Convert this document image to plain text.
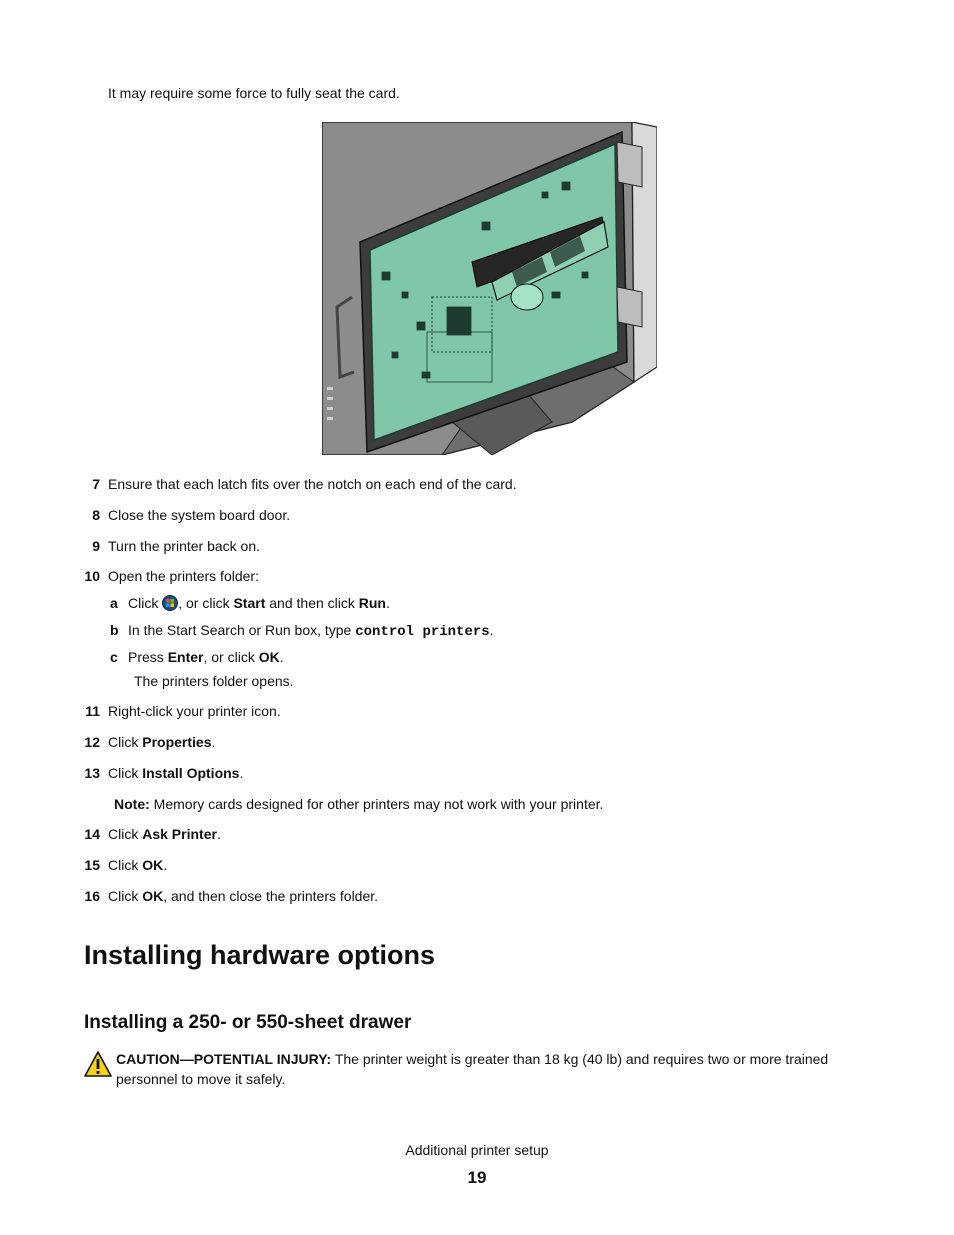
It may require some force to fully seat the card.
7 Ensure that each latch fits over the notch on each end of the card.
8 Close the system board door.
9 Turn the printer back on.
10 Open the printers folder:
a Click , or click Start and then click Run.
b In the Start Search or Run box, type control printers.
c Press Enter, or click OK.
The printers folder opens.
11 Right-click your printer icon.
12 Click Properties.
13 Click Install Options.
Note: Memory cards designed for other printers may not work with your printer.
14 Click Ask Printer.
15 Click OK.
16 Click OK, and then close the printers folder.
Installing hardware options
Installing a 250- or 550-sheet drawer
CAUTION—POTENTIAL INJURY: The printer weight is greater than 18 kg (40 lb) and requires two or more trained personnel to move it safely.
Additional printer setup
19
